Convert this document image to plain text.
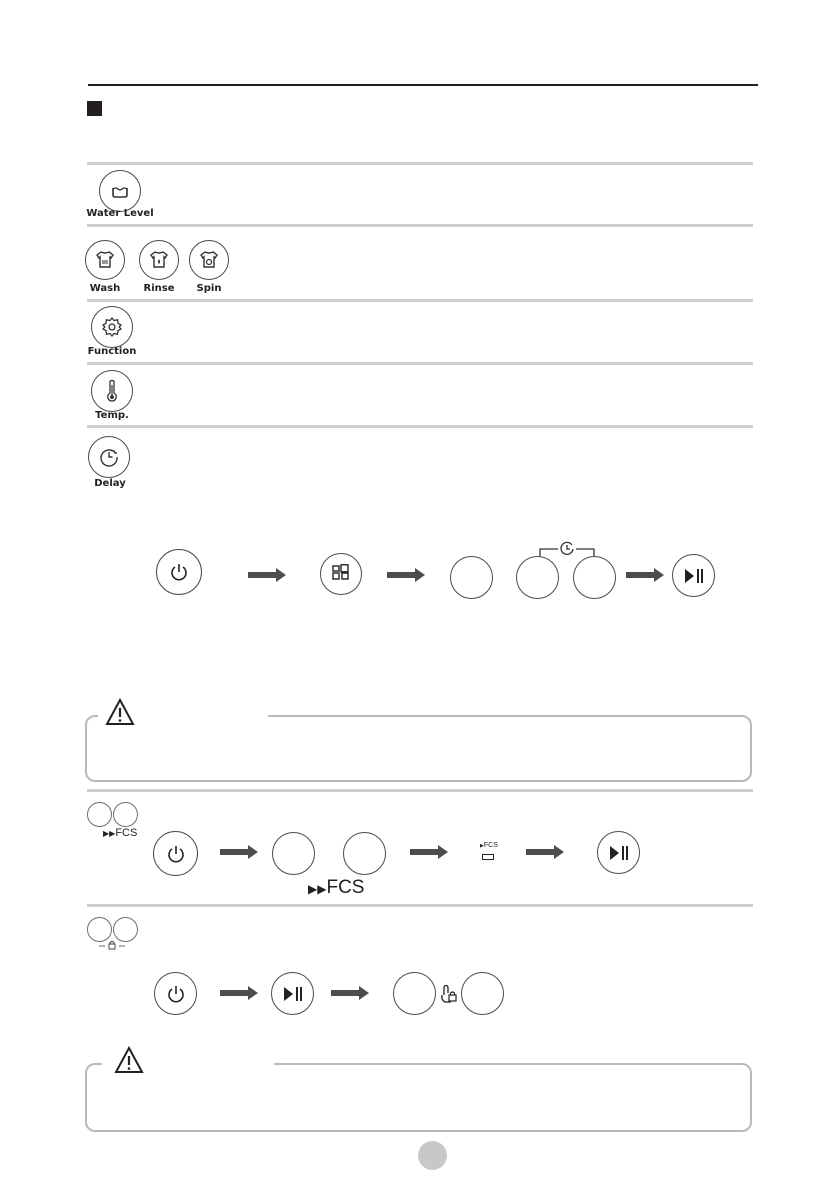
Water Level
Wash	Rinse	Spin
Function
Temp.
Delay
▶▶FCS
▶▶FCS
▶FCS
